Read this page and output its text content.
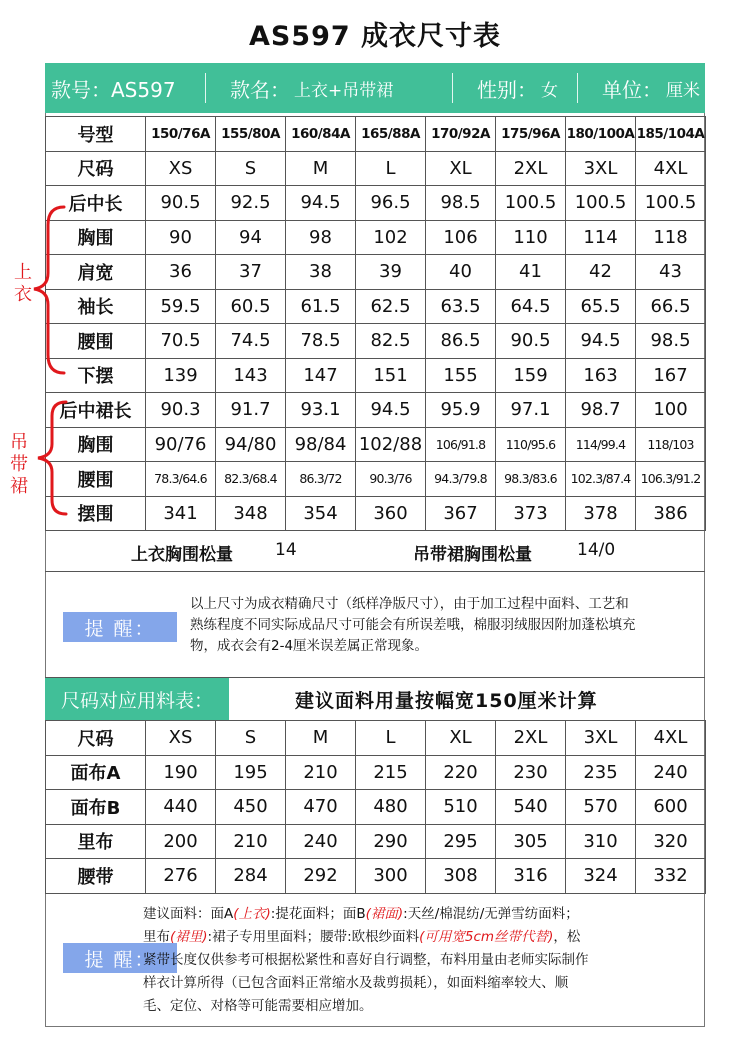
AS597 成衣尺寸表
款号：AS597	款名： 上衣+吊带裙	性别： 女 单位： 厘米
号型	150/76A	155/80A	160/84A	165/88A	170/92A	175/96A	180/100A	185/104A
尺码	XS	S	M	L	XL	2XL	3XL	4XL
后中长	90.5	92.5	94.5	96.5	98.5	100.5	100.5	100.5
胸围	90	94	98	102	106	110	114	118
肩宽	36	37	38	39	40	41	42	43
袖长	59.5	60.5	61.5	62.5	63.5	64.5	65.5	66.5
腰围	70.5	74.5	78.5	82.5	86.5	90.5	94.5	98.5
下摆	139	143	147	151	155	159	163	167
后中裙长	90.3	91.7	93.1	94.5	95.9	97.1	98.7	100
胸围	90/76	94/80	98/84	102/88	106/91.8	110/95.6	114/99.4	118/103
腰围	78.3/64.6	82.3/68.4	86.3/72	90.3/76	94.3/79.8	98.3/83.6	102.3/87.4	106.3/91.2
摆围	341	348	354	360	367	373	378	386
上
衣
吊
带
裙
上衣胸围松量 14	吊带裙胸围松量	14/0
提 醒：
以上尺寸为成衣精确尺寸（纸样净版尺寸），由于加工过程中面料、工艺和
熟练程度不同实际成品尺寸可能会有所误差哦，棉服羽绒服因附加蓬松填充
物，成衣会有2-4厘米误差属正常现象。
尺码对应用料表：	建议面料用量按幅宽150厘米计算
尺码	XS	S	M	L	XL	2XL	3XL	4XL
面布A	190	195	210	215	220	230	235	240
面布B	440	450	470	480	510	540	570	600
里布	200	210	240	290	295	305	310	320
腰带	276	284	292	300	308	316	324	332
提 醒：
建议面料：面A(上衣):提花面料；面B(裙面):天丝/棉混纺/无弹雪纺面料；
里布(裙里):裙子专用里面料；腰带:欧根纱面料(可用宽5cm丝带代替)，松
紧带长度仅供参考可根据松紧性和喜好自行调整，布料用量由老师实际制作
样衣计算所得（已包含面料正常缩水及裁剪损耗），如面料缩率较大、顺
毛、定位、对格等可能需要相应增加。
